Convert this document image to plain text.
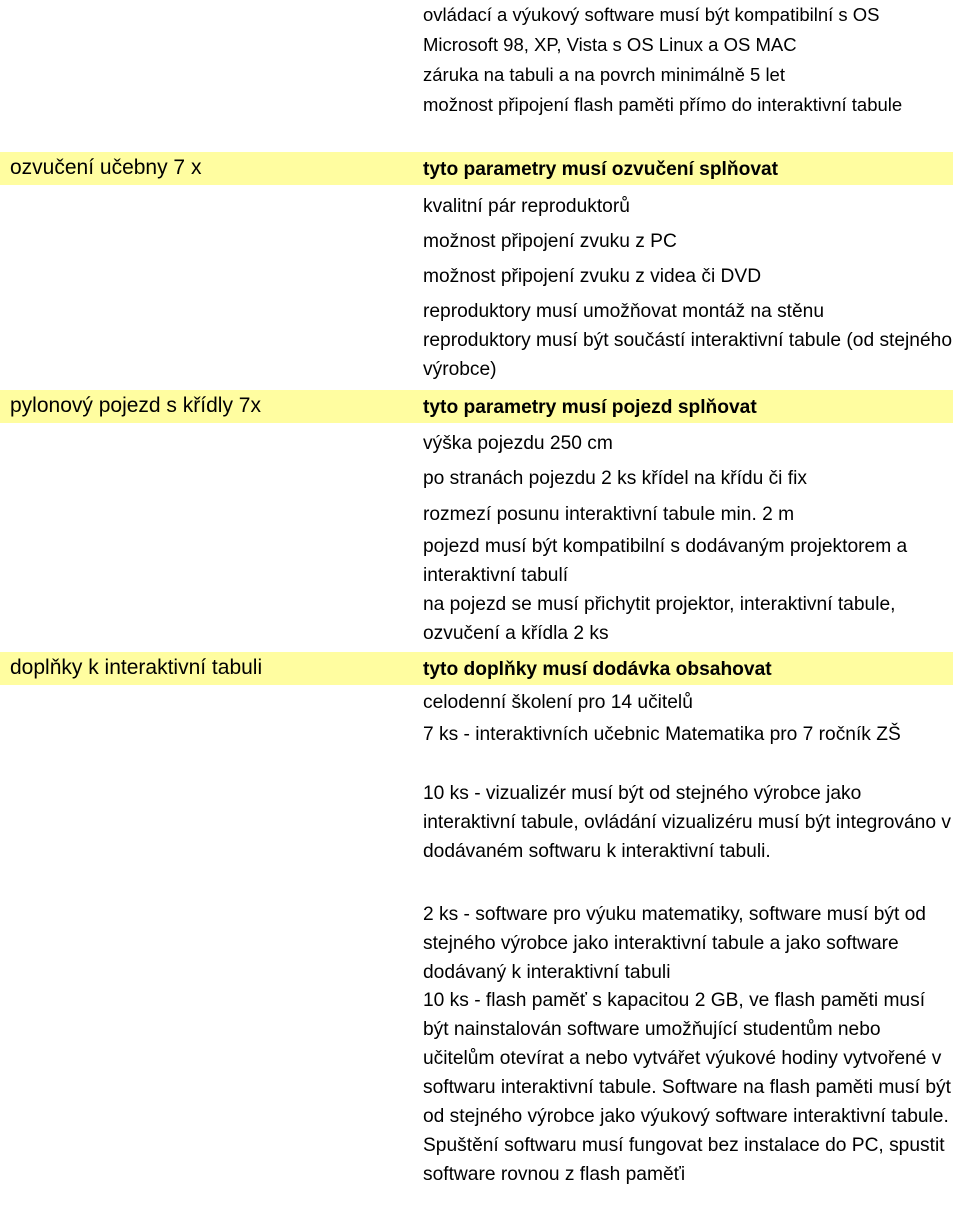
ovládací a výukový software musí být kompatibilní s OS Microsoft 98, XP, Vista s OS Linux a OS MAC
záruka na tabuli a na povrch minimálně 5 let
možnost připojení flash paměti přímo do interaktivní tabule
ozvučení učebny 7 x	tyto parametry musí ozvučení splňovat
kvalitní pár reproduktorů
možnost připojení zvuku z PC
možnost připojení zvuku z videa či DVD
reproduktory musí umožňovat montáž na stěnu
reproduktory musí být součástí interaktivní tabule (od stejného výrobce)
pylonový pojezd s křídly 7x	tyto parametry musí pojezd splňovat
výška pojezdu 250 cm
po stranách pojezdu 2 ks křídel na křídu či fix
rozmezí posunu interaktivní tabule min. 2 m
pojezd musí být kompatibilní s dodávaným projektorem a interaktivní tabulí
na pojezd se musí přichytit projektor, interaktivní tabule, ozvučení a křídla 2 ks
doplňky k interaktivní tabuli	tyto doplňky musí dodávka obsahovat
celodenní školení pro 14 učitelů
7 ks - interaktivních učebnic Matematika pro 7 ročník ZŠ
10 ks - vizualizér musí být od stejného výrobce jako interaktivní tabule, ovládání vizualizéru musí být integrováno v dodávaném softwaru k interaktivní tabuli.
2 ks - software pro výuku matematiky, software musí být od stejného výrobce jako interaktivní tabule a jako software dodávaný k interaktivní tabuli
10 ks - flash paměť s kapacitou 2 GB, ve flash paměti musí být nainstalován software umožňující studentům nebo učitelům otevírat a nebo vytvářet výukové hodiny vytvořené v softwaru interaktivní tabule. Software na flash paměti musí být od stejného výrobce jako výukový software interaktivní tabule. Spuštění softwaru musí fungovat bez instalace do PC, spustit software rovnou z flash paměťi
